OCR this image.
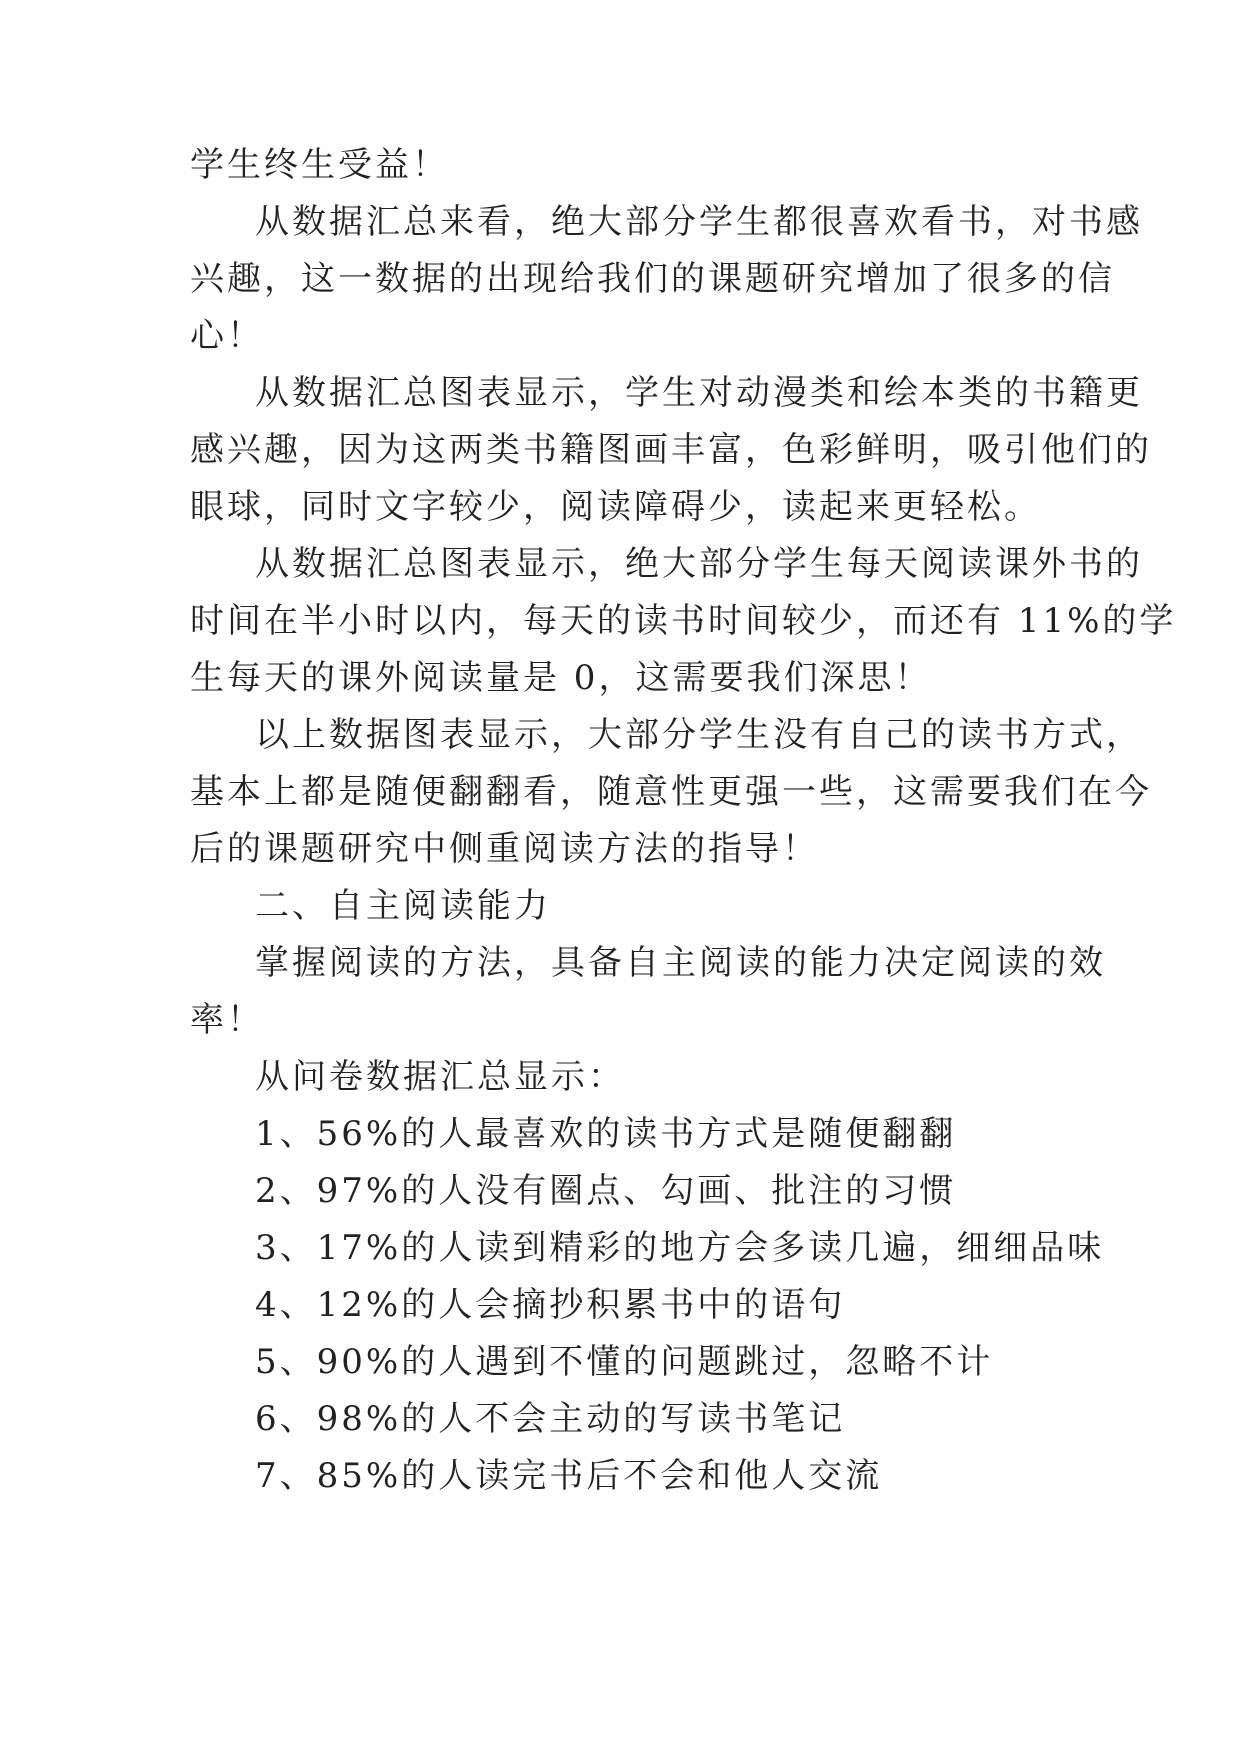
学生终生受益！
从数据汇总来看，绝大部分学生都很喜欢看书，对书感
兴趣，这一数据的出现给我们的课题研究增加了很多的信
心！
从数据汇总图表显示，学生对动漫类和绘本类的书籍更
感兴趣，因为这两类书籍图画丰富，色彩鲜明，吸引他们的
眼球，同时文字较少，阅读障碍少，读起来更轻松。
从数据汇总图表显示，绝大部分学生每天阅读课外书的
时间在半小时以内，每天的读书时间较少，而还有 11%的学
生每天的课外阅读量是 0，这需要我们深思！
以上数据图表显示，大部分学生没有自己的读书方式，
基本上都是随便翻翻看，随意性更强一些，这需要我们在今
后的课题研究中侧重阅读方法的指导！
二、自主阅读能力
掌握阅读的方法，具备自主阅读的能力决定阅读的效
率！
从问卷数据汇总显示：
1、56%的人最喜欢的读书方式是随便翻翻
2、97%的人没有圈点、勾画、批注的习惯
3、17%的人读到精彩的地方会多读几遍，细细品味
4、12%的人会摘抄积累书中的语句
5、90%的人遇到不懂的问题跳过，忽略不计
6、98%的人不会主动的写读书笔记
7、85%的人读完书后不会和他人交流
